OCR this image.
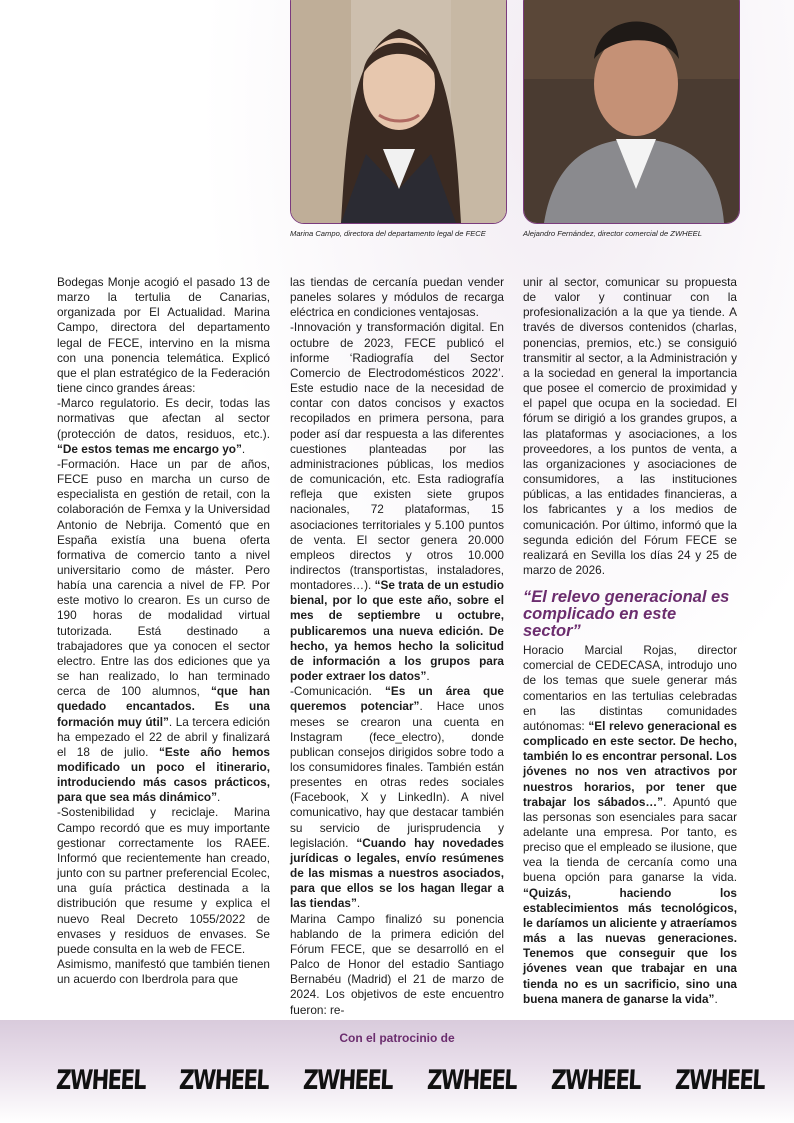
Marina Campo, directora del departamento legal de FECE	Alejandro Fernández, director comercial de ZWHEEL

Bodegas Monje acogió el pasado 13 de marzo la tertulia de Canarias, organizada por El Actualidad. Marina Campo, directora del departamento legal de FECE, intervino en la misma con una ponencia telemática. Explicó que el plan estratégico de la Federación tiene cinco grandes áreas:

-Marco regulatorio. Es decir, todas las normativas que afectan al sector (protección de datos, residuos, etc.). “De estos temas me encargo yo”.

-Formación. Hace un par de años, FECE puso en marcha un curso de especialista en gestión de retail, con la colaboración de Femxa y la Universidad Antonio de Nebrija. Comentó que en España existía una buena oferta formativa de comercio tanto a nivel universitario como de máster. Pero había una carencia a nivel de FP. Por este motivo lo crearon. Es un curso de 190 horas de modalidad virtual tutorizada. Está destinado a trabajadores que ya conocen el sector electro. Entre las dos ediciones que ya se han realizado, lo han terminado cerca de 100 alumnos, “que han quedado encantados. Es una formación muy útil”. La tercera edición ha empezado el 22 de abril y finalizará el 18 de julio. “Este año hemos modificado un poco el itinerario, introduciendo más casos prácticos, para que sea más dinámico”.

-Sostenibilidad y reciclaje. Marina Campo recordó que es muy importante gestionar correctamente los RAEE. Informó que recientemente han creado, junto con su partner preferencial Ecolec, una guía práctica destinada a la distribución que resume y explica el nuevo Real Decreto 1055/2022 de envases y residuos de envases. Se puede consulta en la web de FECE.

Asimismo, manifestó que también tienen un acuerdo con Iberdrola para que

las tiendas de cercanía puedan vender paneles solares y módulos de recarga eléctrica en condiciones ventajosas.

-Innovación y transformación digital. En octubre de 2023, FECE publicó el informe ‘Radiografía del Sector Comercio de Electrodomésticos 2022’. Este estudio nace de la necesidad de contar con datos concisos y exactos recopilados en primera persona, para poder así dar respuesta a las diferentes cuestiones planteadas por las administraciones públicas, los medios de comunicación, etc. Esta radiografía refleja que existen siete grupos nacionales, 72 plataformas, 15 asociaciones territoriales y 5.100 puntos de venta. El sector genera 20.000 empleos directos y otros 10.000 indirectos (transportistas, instaladores, montadores…). “Se trata de un estudio bienal, por lo que este año, sobre el mes de septiembre u octubre, publicaremos una nueva edición. De hecho, ya hemos hecho la solicitud de información a los grupos para poder extraer los datos”.

-Comunicación. “Es un área que queremos potenciar”. Hace unos meses se crearon una cuenta en Instagram (fece_electro), donde publican consejos dirigidos sobre todo a los consumidores finales. También están presentes en otras redes sociales (Facebook, X y LinkedIn). A nivel comunicativo, hay que destacar también su servicio de jurisprudencia y legislación. “Cuando hay novedades jurídicas o legales, envío resúmenes de las mismas a nuestros asociados, para que ellos se los hagan llegar a las tiendas”.

Marina Campo finalizó su ponencia hablando de la primera edición del Fórum FECE, que se desarrolló en el Palco de Honor del estadio Santiago Bernabéu (Madrid) el 21 de marzo de 2024. Los objetivos de este encuentro fueron: re-

unir al sector, comunicar su propuesta de valor y continuar con la profesionalización a la que ya tiende. A través de diversos contenidos (charlas, ponencias, premios, etc.) se consiguió transmitir al sector, a la Administración y a la sociedad en general la importancia que posee el comercio de proximidad y el papel que ocupa en la sociedad. El fórum se dirigió a los grandes grupos, a las plataformas y asociaciones, a los proveedores, a los puntos de venta, a las organizaciones y asociaciones de consumidores, a las instituciones públicas, a las entidades financieras, a los fabricantes y a los medios de comunicación. Por último, informó que la segunda edición del Fórum FECE se realizará en Sevilla los días 24 y 25 de marzo de 2026.

“El relevo generacional es complicado en este sector”

Horacio Marcial Rojas, director comercial de CEDECASA, introdujo uno de los temas que suele generar más comentarios en las tertulias celebradas en las distintas comunidades autónomas: “El relevo generacional es complicado en este sector. De hecho, también lo es encontrar personal. Los jóvenes no nos ven atractivos por nuestros horarios, por tener que trabajar los sábados…”. Apuntó que las personas son esenciales para sacar adelante una empresa. Por tanto, es preciso que el empleado se ilusione, que vea la tienda de cercanía como una buena opción para ganarse la vida. “Quizás, haciendo los establecimientos más tecnológicos, le daríamos un aliciente y atraeríamos más a las nuevas generaciones. Tenemos que conseguir que los jóvenes vean que trabajar en una tienda no es un sacrificio, sino una buena manera de ganarse la vida”.

Con el patrocinio de
ZWHEEL ZWHEEL ZWHEEL ZWHEEL ZWHEEL ZWHEEL
